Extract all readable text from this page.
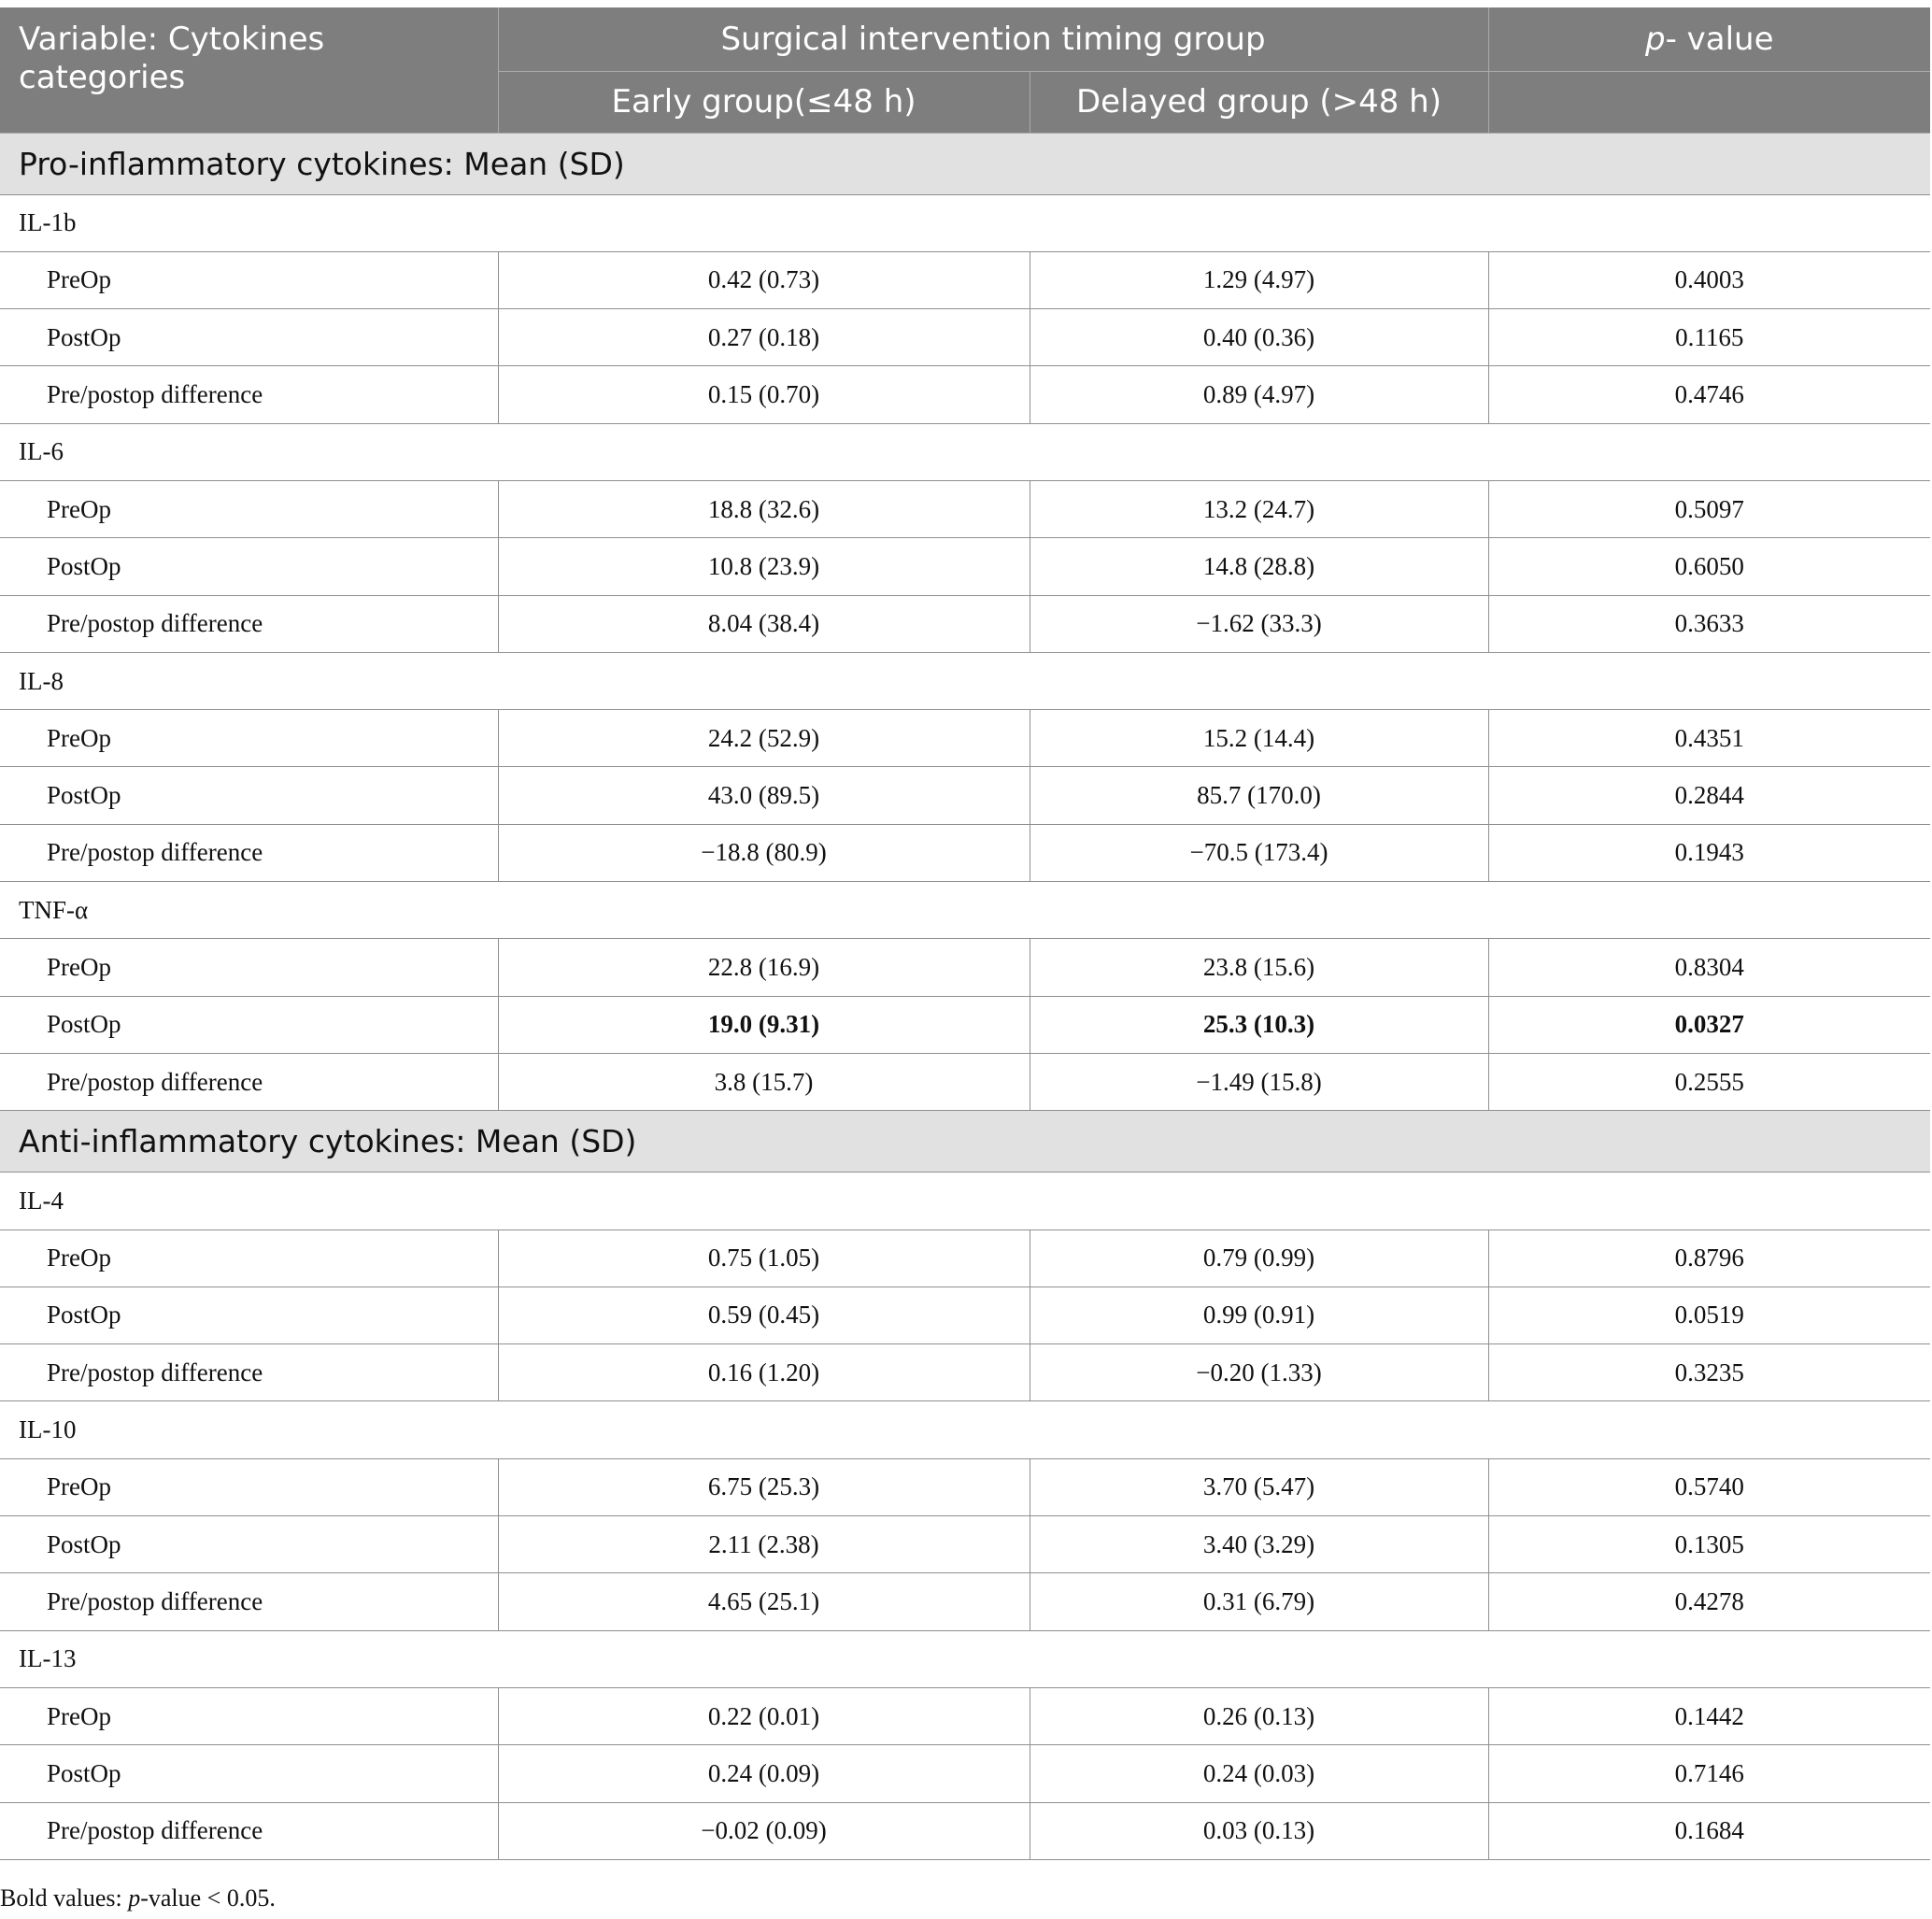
Variable: Cytokines categories	Surgical intervention timing group		p- value
	Early group(≤48 h)	Delayed group (>48 h)	
Pro-inflammatory cytokines: Mean (SD)			
IL-1b			
PreOp	0.42 (0.73)	1.29 (4.97)	0.4003
PostOp	0.27 (0.18)	0.40 (0.36)	0.1165
Pre/postop difference	0.15 (0.70)	0.89 (4.97)	0.4746
IL-6			
PreOp	18.8 (32.6)	13.2 (24.7)	0.5097
PostOp	10.8 (23.9)	14.8 (28.8)	0.6050
Pre/postop difference	8.04 (38.4)	−1.62 (33.3)	0.3633
IL-8			
PreOp	24.2 (52.9)	15.2 (14.4)	0.4351
PostOp	43.0 (89.5)	85.7 (170.0)	0.2844
Pre/postop difference	−18.8 (80.9)	−70.5 (173.4)	0.1943
TNF-α			
PreOp	22.8 (16.9)	23.8 (15.6)	0.8304
PostOp	19.0 (9.31)	25.3 (10.3)	0.0327
Pre/postop difference	3.8 (15.7)	−1.49 (15.8)	0.2555
Anti-inflammatory cytokines: Mean (SD)			
IL-4			
PreOp	0.75 (1.05)	0.79 (0.99)	0.8796
PostOp	0.59 (0.45)	0.99 (0.91)	0.0519
Pre/postop difference	0.16 (1.20)	−0.20 (1.33)	0.3235
IL-10			
PreOp	6.75 (25.3)	3.70 (5.47)	0.5740
PostOp	2.11 (2.38)	3.40 (3.29)	0.1305
Pre/postop difference	4.65 (25.1)	0.31 (6.79)	0.4278
IL-13			
PreOp	0.22 (0.01)	0.26 (0.13)	0.1442
PostOp	0.24 (0.09)	0.24 (0.03)	0.7146
Pre/postop difference	−0.02 (0.09)	0.03 (0.13)	0.1684
Bold values: p-value < 0.05.
